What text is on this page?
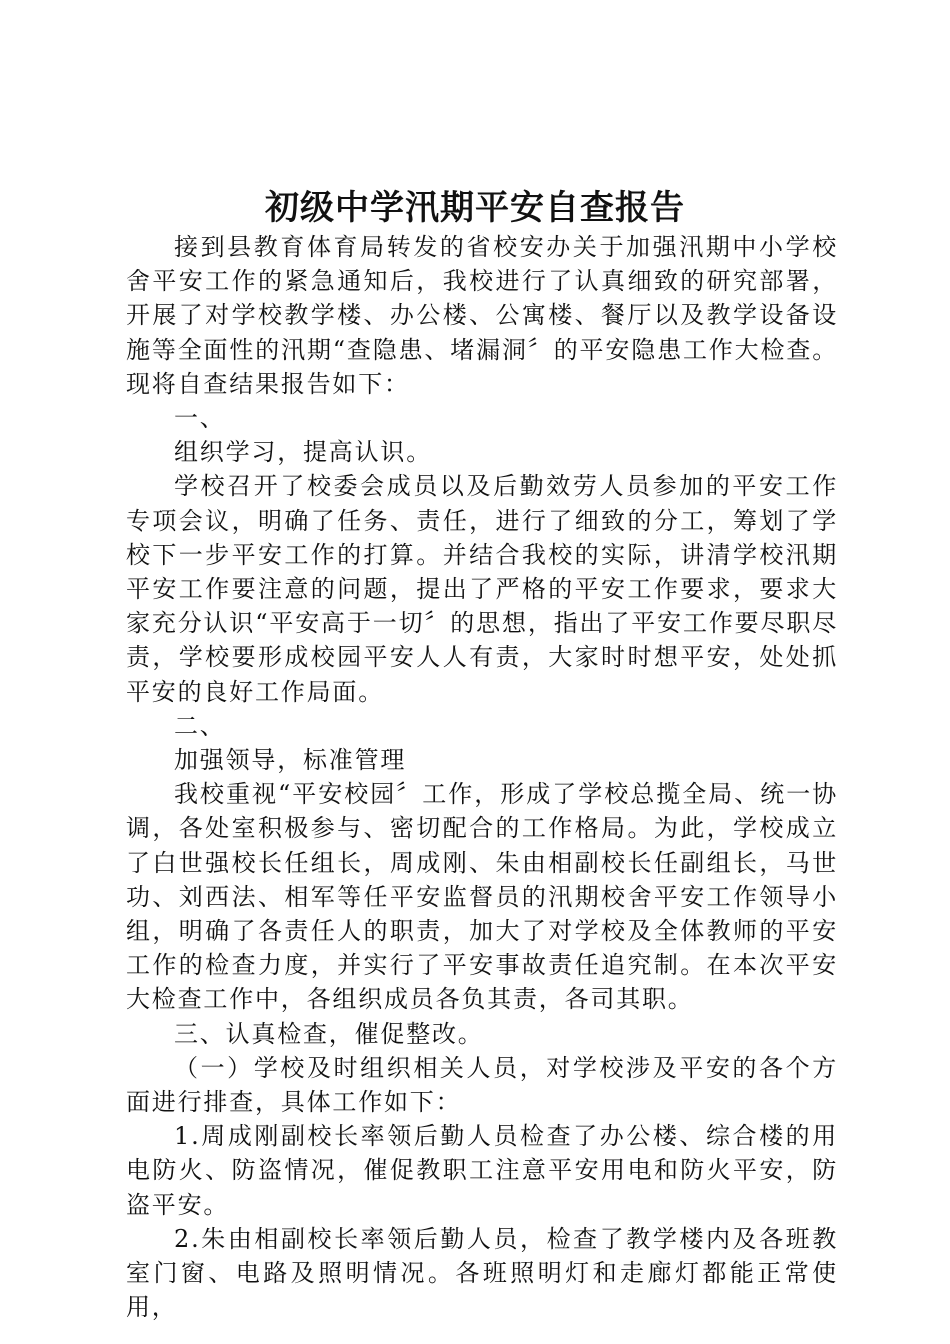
初级中学汛期平安自查报告

接到县教育体育局转发的省校安办关于加强汛期中小学校舍平安工作的紧急通知后，我校进行了认真细致的研究部署，开展了对学校教学楼、办公楼、公寓楼、餐厅以及教学设备设施等全面性的汛期“查隐患、堵漏洞〞的平安隐患工作大检查。现将自查结果报告如下：

一、

组织学习，提高认识。

学校召开了校委会成员以及后勤效劳人员参加的平安工作专项会议，明确了任务、责任，进行了细致的分工，筹划了学校下一步平安工作的打算。并结合我校的实际，讲清学校汛期平安工作要注意的问题，提出了严格的平安工作要求，要求大家充分认识“平安高于一切〞的思想，指出了平安工作要尽职尽责，学校要形成校园平安人人有责，大家时时想平安，处处抓平安的良好工作局面。

二、

加强领导，标准管理

我校重视“平安校园〞工作，形成了学校总揽全局、统一协调，各处室积极参与、密切配合的工作格局。为此，学校成立了白世强校长任组长，周成刚、朱由相副校长任副组长，马世功、刘西法、相军等任平安监督员的汛期校舍平安工作领导小组，明确了各责任人的职责，加大了对学校及全体教师的平安工作的检查力度，并实行了平安事故责任追究制。在本次平安大检查工作中，各组织成员各负其责，各司其职。

三、认真检查，催促整改。

（一）学校及时组织相关人员，对学校涉及平安的各个方面进行排查，具体工作如下：

1.周成刚副校长率领后勤人员检查了办公楼、综合楼的用电防火、防盗情况，催促教职工注意平安用电和防火平安，防盗平安。

2.朱由相副校长率领后勤人员，检查了教学楼内及各班教室门窗、电路及照明情况。各班照明灯和走廊灯都能正常使用，
